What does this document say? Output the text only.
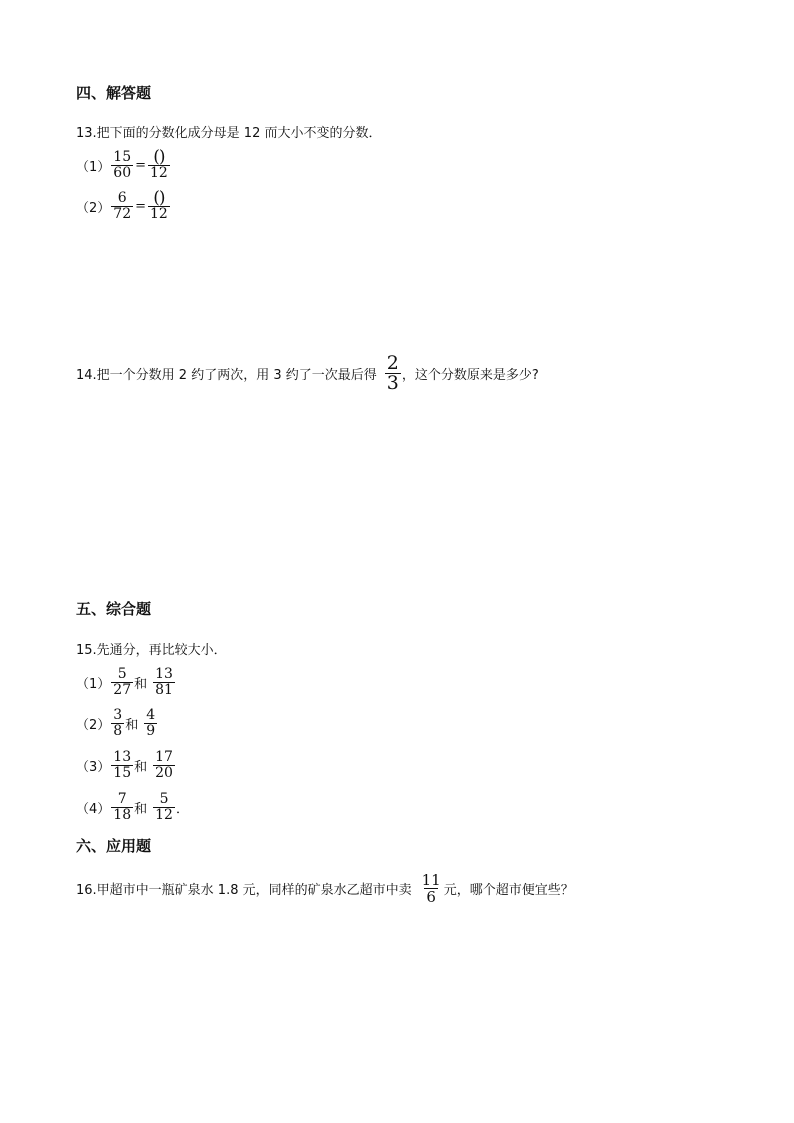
四、解答题
13.把下面的分数化成分母是 12 而大小不变的分数．
$(1) \frac{15}{60} = \frac{()}{12}$
$(2) \frac{6}{72} = \frac{()}{12}$
14.把一个分数用 2 约了两次，用 3 约了一次最后得 $\frac{2}{3}$ ，这个分数原来是多少?
五、综合题
15.先通分，再比较大小．
$(1) \frac{5}{27}$ 和 $\frac{13}{81}$
$(2) \frac{3}{8}$ 和 $\frac{4}{9}$
$(3) \frac{13}{15}$ 和 $\frac{17}{20}$
$(4) \frac{7}{18}$ 和 $\frac{5}{12}$ ．
六、应用题
16.甲超市中一瓶矿泉水 1.8 元，同样的矿泉水乙超市中卖 $\frac{11}{6}$ 元，哪个超市便宜些？
